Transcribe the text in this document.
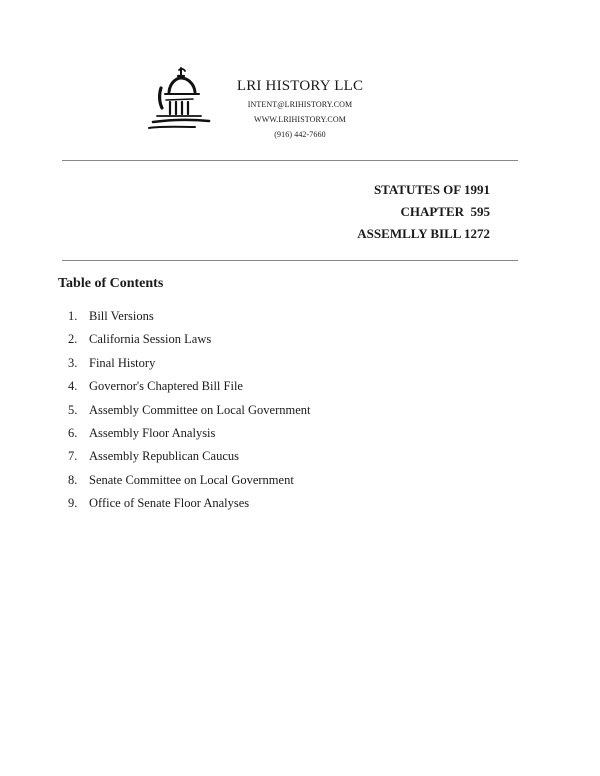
LRI HISTORY LLC
INTENT@LRIHISTORY.COM
WWW.LRIHISTORY.COM
(916) 442-7660
STATUTES OF 1991
CHAPTER  595
ASSEMLLY BILL 1272
Table of Contents
1. Bill Versions
2. California Session Laws
3. Final History
4. Governor's Chaptered Bill File
5. Assembly Committee on Local Government
6. Assembly Floor Analysis
7. Assembly Republican Caucus
8. Senate Committee on Local Government
9. Office of Senate Floor Analyses
